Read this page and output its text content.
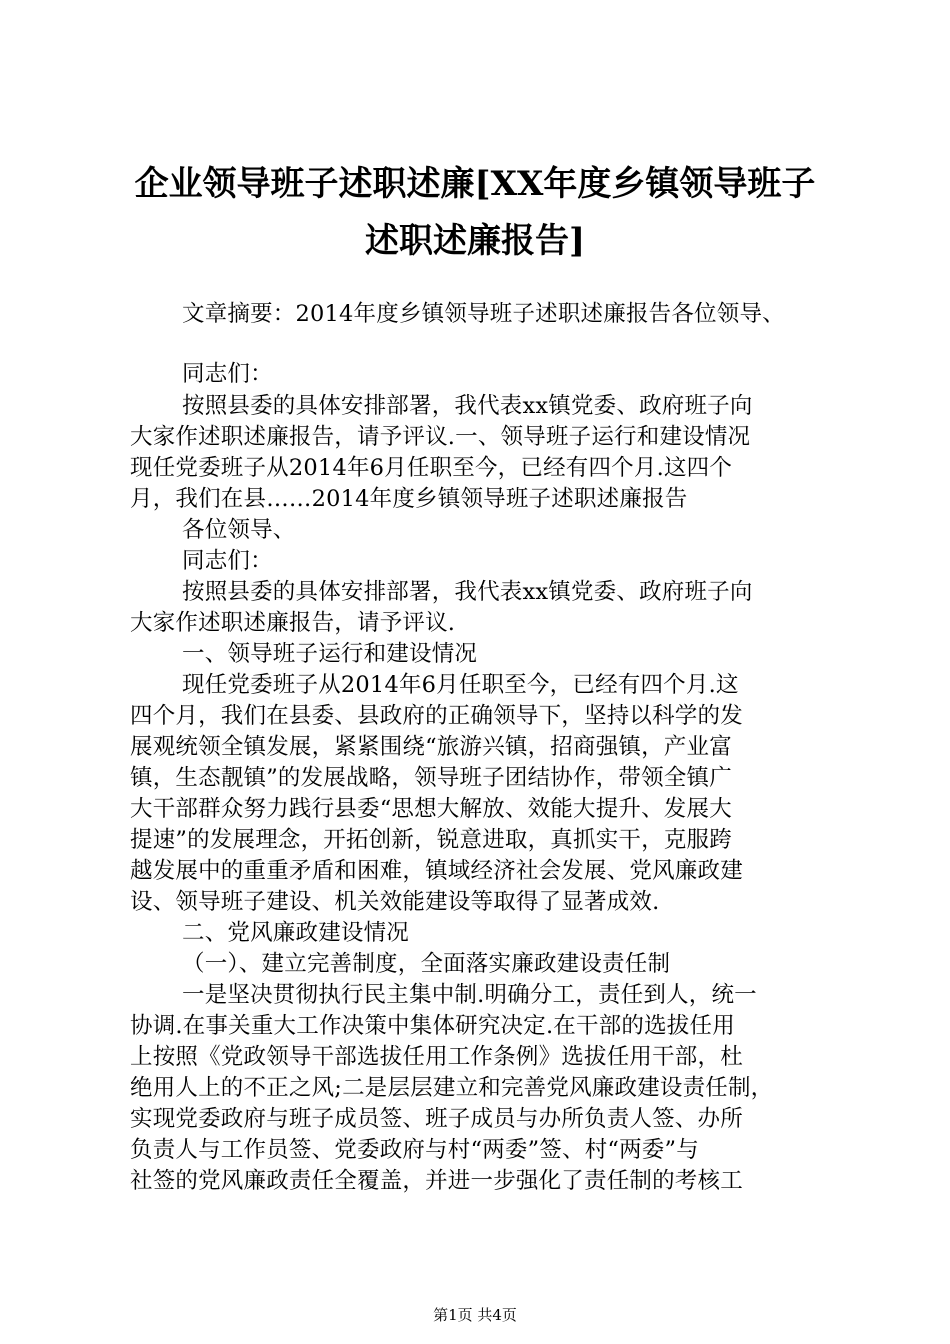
企业领导班子述职述廉[XX年度乡镇领导班子
述职述廉报告]
文章摘要：2014年度乡镇领导班子述职述廉报告各位领导、
同志们：
按照县委的具体安排部署，我代表xx镇党委、政府班子向
大家作述职述廉报告，请予评议.一、领导班子运行和建设情况
现任党委班子从2014年6月任职至今，已经有四个月.这四个
月，我们在县……2014年度乡镇领导班子述职述廉报告
各位领导、
同志们：
按照县委的具体安排部署，我代表xx镇党委、政府班子向
大家作述职述廉报告，请予评议.
一、领导班子运行和建设情况
现任党委班子从2014年6月任职至今，已经有四个月.这
四个月，我们在县委、县政府的正确领导下，坚持以科学的发
展观统领全镇发展，紧紧围绕“旅游兴镇，招商强镇，产业富
镇，生态靓镇”的发展战略，领导班子团结协作，带领全镇广
大干部群众努力践行县委“思想大解放、效能大提升、发展大
提速”的发展理念，开拓创新，锐意进取，真抓实干，克服跨
越发展中的重重矛盾和困难，镇域经济社会发展、党风廉政建
设、领导班子建设、机关效能建设等取得了显著成效.
二、党风廉政建设情况
（一）、建立完善制度，全面落实廉政建设责任制
一是坚决贯彻执行民主集中制.明确分工，责任到人，统一
协调.在事关重大工作决策中集体研究决定.在干部的选拔任用
上按照《党政领导干部选拔任用工作条例》选拔任用干部，杜
绝用人上的不正之风;二是层层建立和完善党风廉政建设责任制，
实现党委政府与班子成员签、班子成员与办所负责人签、办所
负责人与工作员签、党委政府与村“两委”签、村“两委”与
社签的党风廉政责任全覆盖，并进一步强化了责任制的考核工
第1页 共4页
